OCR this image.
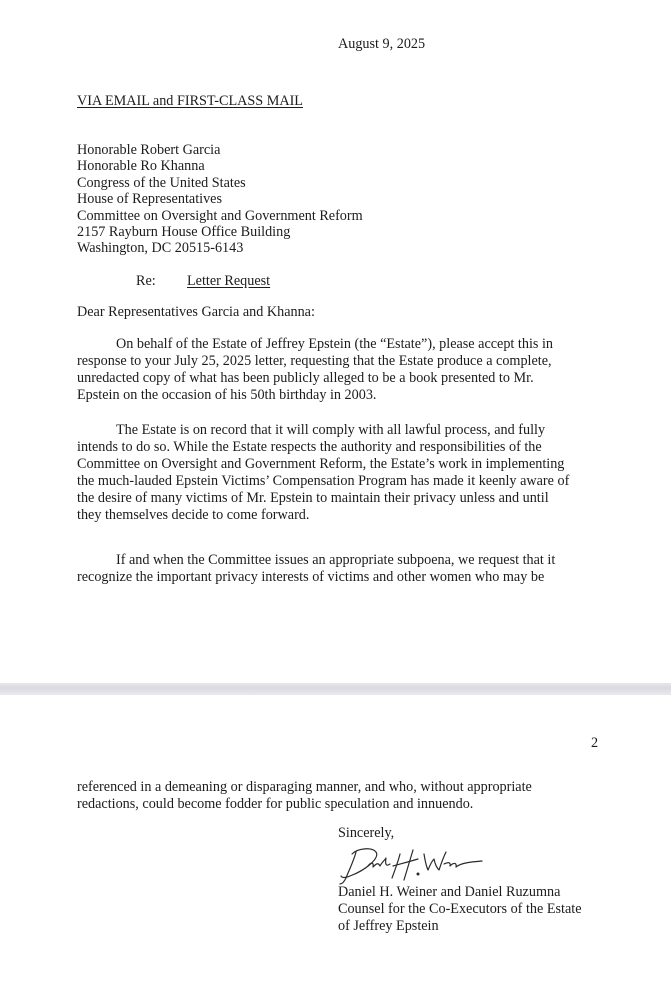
August 9, 2025
VIA EMAIL and FIRST-CLASS MAIL
Honorable Robert Garcia
Honorable Ro Khanna
Congress of the United States
House of Representatives
Committee on Oversight and Government Reform
2157 Rayburn House Office Building
Washington, DC 20515-6143
Re: Letter Request
Dear Representatives Garcia and Khanna:
On behalf of the Estate of Jeffrey Epstein (the “Estate”), please accept this in
response to your July 25, 2025 letter, requesting that the Estate produce a complete,
unredacted copy of what has been publicly alleged to be a book presented to Mr.
Epstein on the occasion of his 50th birthday in 2003.
The Estate is on record that it will comply with all lawful process, and fully
intends to do so. While the Estate respects the authority and responsibilities of the
Committee on Oversight and Government Reform, the Estate’s work in implementing
the much-lauded Epstein Victims’ Compensation Program has made it keenly aware of
the desire of many victims of Mr. Epstein to maintain their privacy unless and until
they themselves decide to come forward.
If and when the Committee issues an appropriate subpoena, we request that it
recognize the important privacy interests of victims and other women who may be
2
referenced in a demeaning or disparaging manner, and who, without appropriate
redactions, could become fodder for public speculation and innuendo.
Sincerely,
Daniel H. Weiner and Daniel Ruzumna
Counsel for the Co-Executors of the Estate
of Jeffrey Epstein
